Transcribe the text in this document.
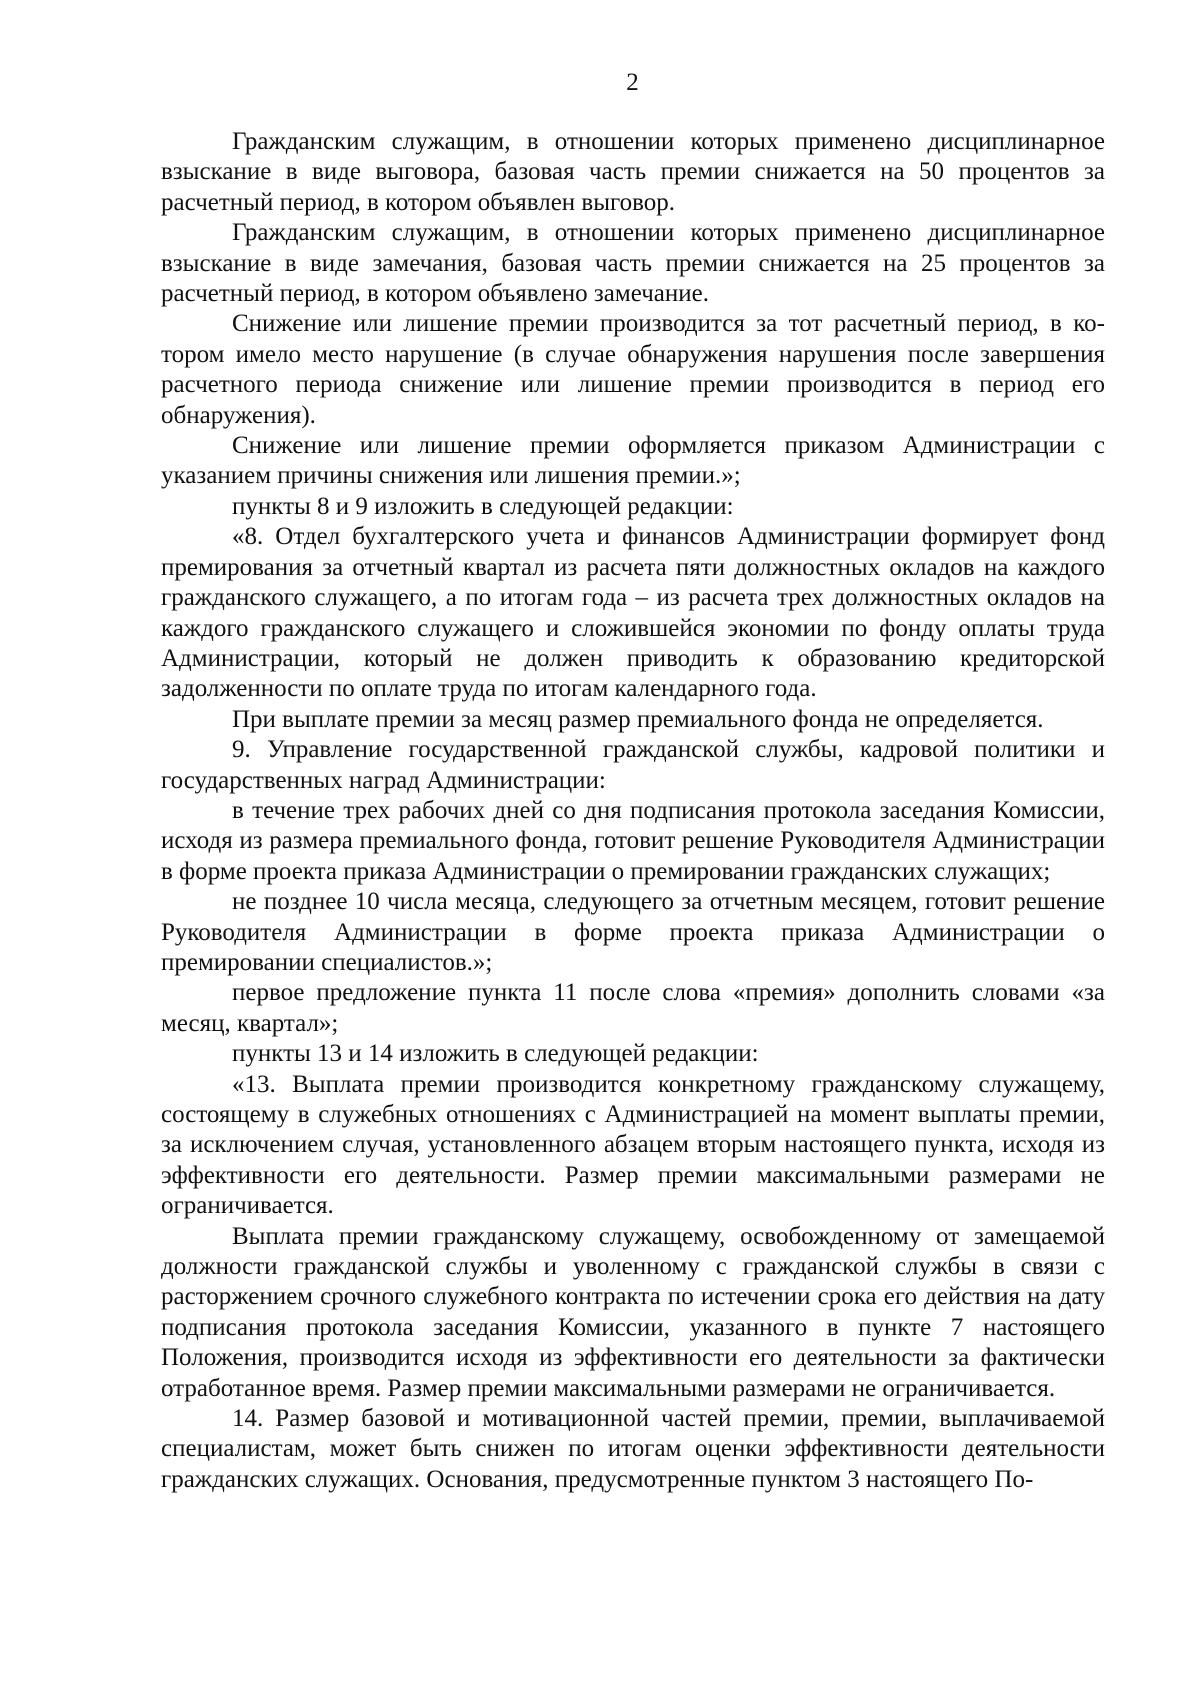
2

Гражданским служащим, в отношении которых применено дисциплинарное взыскание в виде выговора, базовая часть премии снижается на 50 процентов за расчетный период, в котором объявлен выговор.

Гражданским служащим, в отношении которых применено дисциплинарное взыскание в виде замечания, базовая часть премии снижается на 25 процентов за расчетный период, в котором объявлено замечание.

Снижение или лишение премии производится за тот расчетный период, в котором имело место нарушение (в случае обнаружения нарушения после завершения расчетного периода снижение или лишение премии производится в период его обнаружения).

Снижение или лишение премии оформляется приказом Администрации с указанием причины снижения или лишения премии.»;

пункты 8 и 9 изложить в следующей редакции:

«8. Отдел бухгалтерского учета и финансов Администрации формирует фонд премирования за отчетный квартал из расчета пяти должностных окладов на каждого гражданского служащего, а по итогам года – из расчета трех должностных окладов на каждого гражданского служащего и сложившейся экономии по фонду оплаты труда Администрации, который не должен приводить к образованию кредиторской задолженности по оплате труда по итогам календарного года.

При выплате премии за месяц размер премиального фонда не определяется.

9. Управление государственной гражданской службы, кадровой политики и государственных наград Администрации:

в течение трех рабочих дней со дня подписания протокола заседания Комиссии, исходя из размера премиального фонда, готовит решение Руководителя Администрации в форме проекта приказа Администрации о премировании гражданских служащих;

не позднее 10 числа месяца, следующего за отчетным месяцем, готовит решение Руководителя Администрации в форме проекта приказа Администрации о премировании специалистов.»;

первое предложение пункта 11 после слова «премия» дополнить словами «за месяц, квартал»;

пункты 13 и 14 изложить в следующей редакции:

«13. Выплата премии производится конкретному гражданскому служащему, состоящему в служебных отношениях с Администрацией на момент выплаты премии, за исключением случая, установленного абзацем вторым настоящего пункта, исходя из эффективности его деятельности. Размер премии максимальными размерами не ограничивается.

Выплата премии гражданскому служащему, освобожденному от замещаемой должности гражданской службы и уволенному с гражданской службы в связи с расторжением срочного служебного контракта по истечении срока его действия на дату подписания протокола заседания Комиссии, указанного в пункте 7 настоящего Положения, производится исходя из эффективности его деятельности за фактически отработанное время. Размер премии максимальными размерами не ограничивается.

14. Размер базовой и мотивационной частей премии, премии, выплачиваемой специалистам, может быть снижен по итогам оценки эффективности деятельности гражданских служащих. Основания, предусмотренные пунктом 3 настоящего По-
